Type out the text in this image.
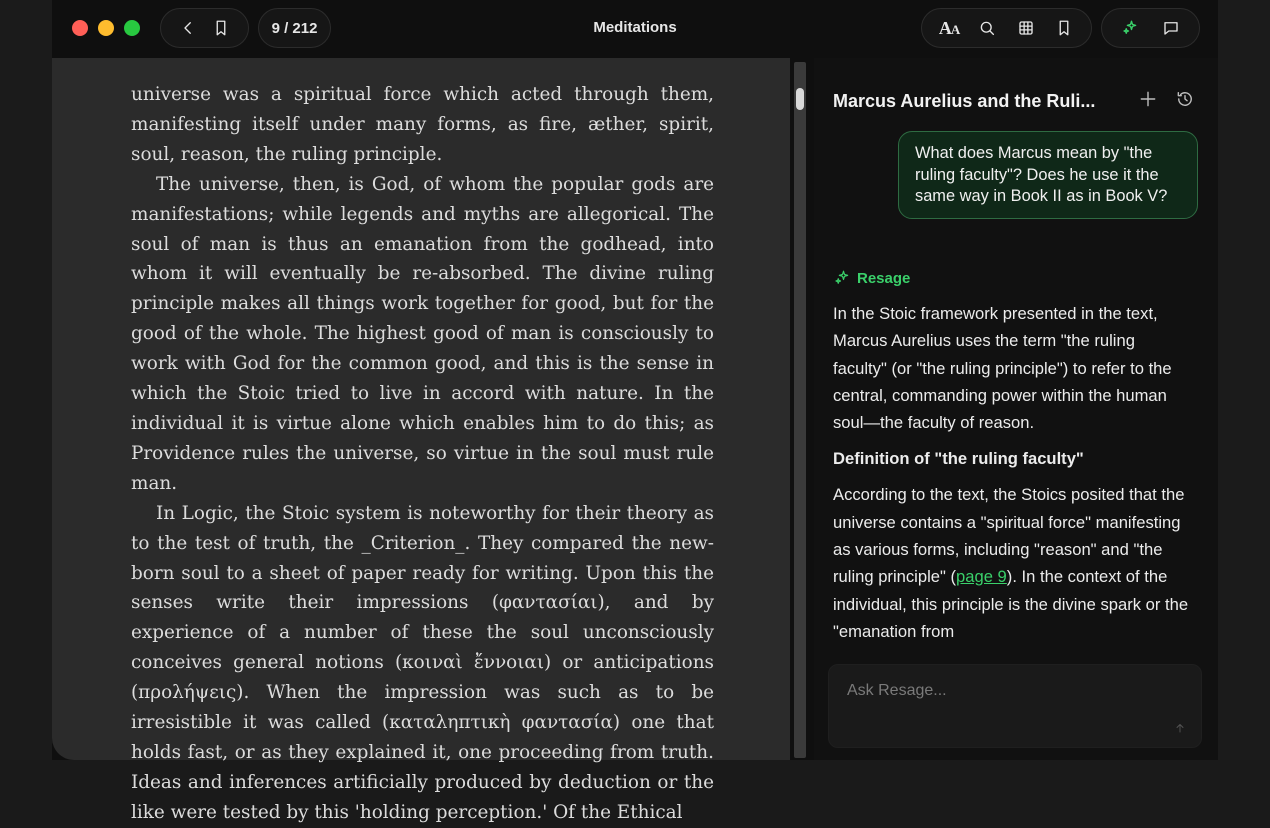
9 / 212	Meditations	AA

universe was a spiritual force which acted through them, manifesting itself under many forms, as fire, æther, spirit, soul, reason, the ruling principle.

The universe, then, is God, of whom the popular gods are manifestations; while legends and myths are allegorical. The soul of man is thus an emanation from the godhead, into whom it will eventually be re-absorbed. The divine ruling principle makes all things work together for good, but for the good of the whole. The highest good of man is consciously to work with God for the common good, and this is the sense in which the Stoic tried to live in accord with nature. In the individual it is virtue alone which enables him to do this; as Providence rules the universe, so virtue in the soul must rule man.

In Logic, the Stoic system is noteworthy for their theory as to the test of truth, the _Criterion_. They compared the new-born soul to a sheet of paper ready for writing. Upon this the senses write their impressions (φαντασίαι), and by experience of a number of these the soul unconsciously conceives general notions (κοιναὶ ἔννοιαι) or anticipations (προλήψεις). When the impression was such as to be irresistible it was called (καταληπτικὴ φαντασία) one that holds fast, or as they explained it, one proceeding from truth. Ideas and inferences artificially produced by deduction or the like were tested by this 'holding perception.' Of the Ethical

Marcus Aurelius and the Ruli...
What does Marcus mean by "the ruling faculty"? Does he use it the same way in Book II as in Book V?
Resage

In the Stoic framework presented in the text, Marcus Aurelius uses the term "the ruling faculty" (or "the ruling principle") to refer to the central, commanding power within the human soul—the faculty of reason.

Definition of "the ruling faculty"

According to the text, the Stoics posited that the universe contains a "spiritual force" manifesting as various forms, including "reason" and "the ruling principle" (page 9). In the context of the individual, this principle is the divine spark or the "emanation from

Ask Resage...
